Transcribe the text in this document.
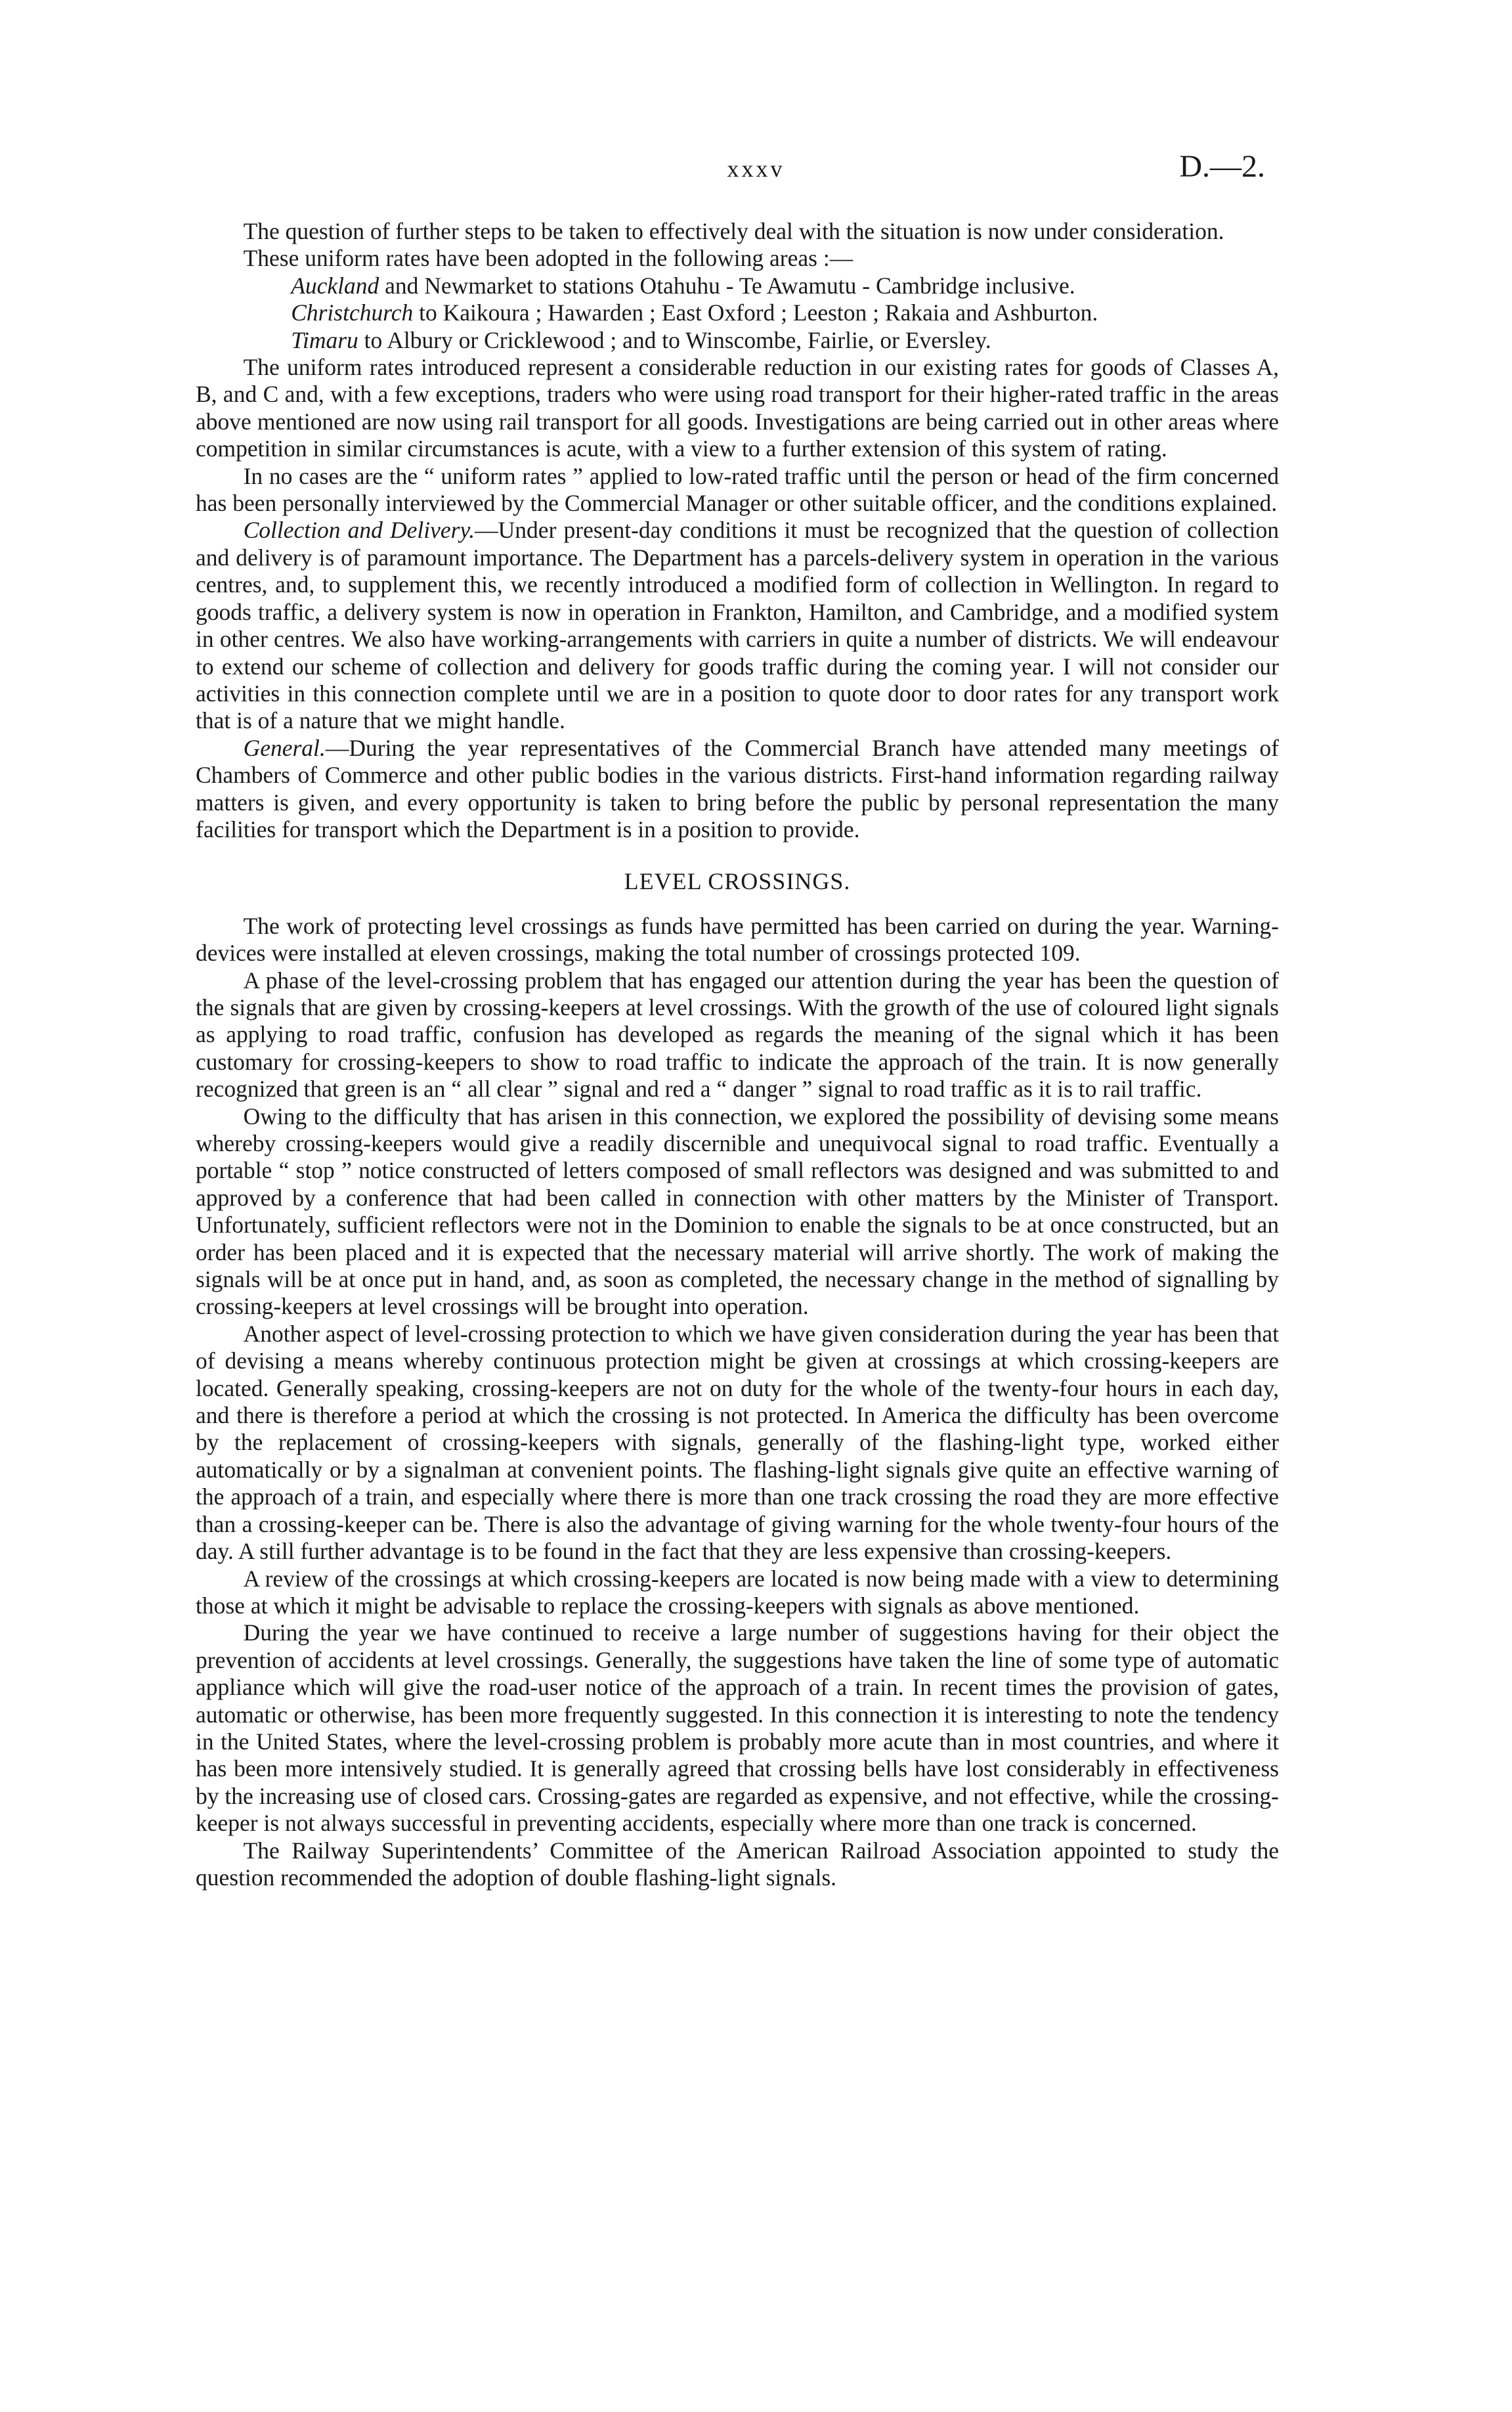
xxxv	D.—2.

The question of further steps to be taken to effectively deal with the situation is now under consideration.

These uniform rates have been adopted in the following areas :—

Auckland and Newmarket to stations Otahuhu - Te Awamutu - Cambridge inclusive.

Christchurch to Kaikoura ; Hawarden ; East Oxford ; Leeston ; Rakaia and Ashburton.

Timaru to Albury or Cricklewood ; and to Winscombe, Fairlie, or Eversley.

The uniform rates introduced represent a considerable reduction in our existing rates for goods of Classes A, B, and C and, with a few exceptions, traders who were using road transport for their higher-rated traffic in the areas above mentioned are now using rail transport for all goods. Investigations are being carried out in other areas where competition in similar circumstances is acute, with a view to a further extension of this system of rating.

In no cases are the “ uniform rates ” applied to low-rated traffic until the person or head of the firm concerned has been personally interviewed by the Commercial Manager or other suitable officer, and the conditions explained.

Collection and Delivery.—Under present-day conditions it must be recognized that the question of collection and delivery is of paramount importance. The Department has a parcels-delivery system in operation in the various centres, and, to supplement this, we recently introduced a modified form of collection in Wellington. In regard to goods traffic, a delivery system is now in operation in Frankton, Hamilton, and Cambridge, and a modified system in other centres. We also have working-arrangements with carriers in quite a number of districts. We will endeavour to extend our scheme of collection and delivery for goods traffic during the coming year. I will not consider our activities in this connection complete until we are in a position to quote door to door rates for any transport work that is of a nature that we might handle.

General.—During the year representatives of the Commercial Branch have attended many meetings of Chambers of Commerce and other public bodies in the various districts. First-hand information regarding railway matters is given, and every opportunity is taken to bring before the public by personal representation the many facilities for transport which the Department is in a position to provide.

LEVEL CROSSINGS.

The work of protecting level crossings as funds have permitted has been carried on during the year. Warning-devices were installed at eleven crossings, making the total number of crossings protected 109.

A phase of the level-crossing problem that has engaged our attention during the year has been the question of the signals that are given by crossing-keepers at level crossings. With the growth of the use of coloured light signals as applying to road traffic, confusion has developed as regards the meaning of the signal which it has been customary for crossing-keepers to show to road traffic to indicate the approach of the train. It is now generally recognized that green is an “ all clear ” signal and red a “ danger ” signal to road traffic as it is to rail traffic.

Owing to the difficulty that has arisen in this connection, we explored the possibility of devising some means whereby crossing-keepers would give a readily discernible and unequivocal signal to road traffic. Eventually a portable “ stop ” notice constructed of letters composed of small reflectors was designed and was submitted to and approved by a conference that had been called in connection with other matters by the Minister of Transport. Unfortunately, sufficient reflectors were not in the Dominion to enable the signals to be at once constructed, but an order has been placed and it is expected that the necessary material will arrive shortly. The work of making the signals will be at once put in hand, and, as soon as completed, the necessary change in the method of signalling by crossing-keepers at level crossings will be brought into operation.

Another aspect of level-crossing protection to which we have given consideration during the year has been that of devising a means whereby continuous protection might be given at crossings at which crossing-keepers are located. Generally speaking, crossing-keepers are not on duty for the whole of the twenty-four hours in each day, and there is therefore a period at which the crossing is not protected. In America the difficulty has been overcome by the replacement of crossing-keepers with signals, generally of the flashing-light type, worked either automatically or by a signalman at convenient points. The flashing-light signals give quite an effective warning of the approach of a train, and especially where there is more than one track crossing the road they are more effective than a crossing-keeper can be. There is also the advantage of giving warning for the whole twenty-four hours of the day. A still further advantage is to be found in the fact that they are less expensive than crossing-keepers.

A review of the crossings at which crossing-keepers are located is now being made with a view to determining those at which it might be advisable to replace the crossing-keepers with signals as above mentioned.

During the year we have continued to receive a large number of suggestions having for their object the prevention of accidents at level crossings. Generally, the suggestions have taken the line of some type of automatic appliance which will give the road-user notice of the approach of a train. In recent times the provision of gates, automatic or otherwise, has been more frequently suggested. In this connection it is interesting to note the tendency in the United States, where the level-crossing problem is probably more acute than in most countries, and where it has been more intensively studied. It is generally agreed that crossing bells have lost considerably in effectiveness by the increasing use of closed cars. Crossing-gates are regarded as expensive, and not effective, while the crossing-keeper is not always successful in preventing accidents, especially where more than one track is concerned.

The Railway Superintendents’ Committee of the American Railroad Association appointed to study the question recommended the adoption of double flashing-light signals.
